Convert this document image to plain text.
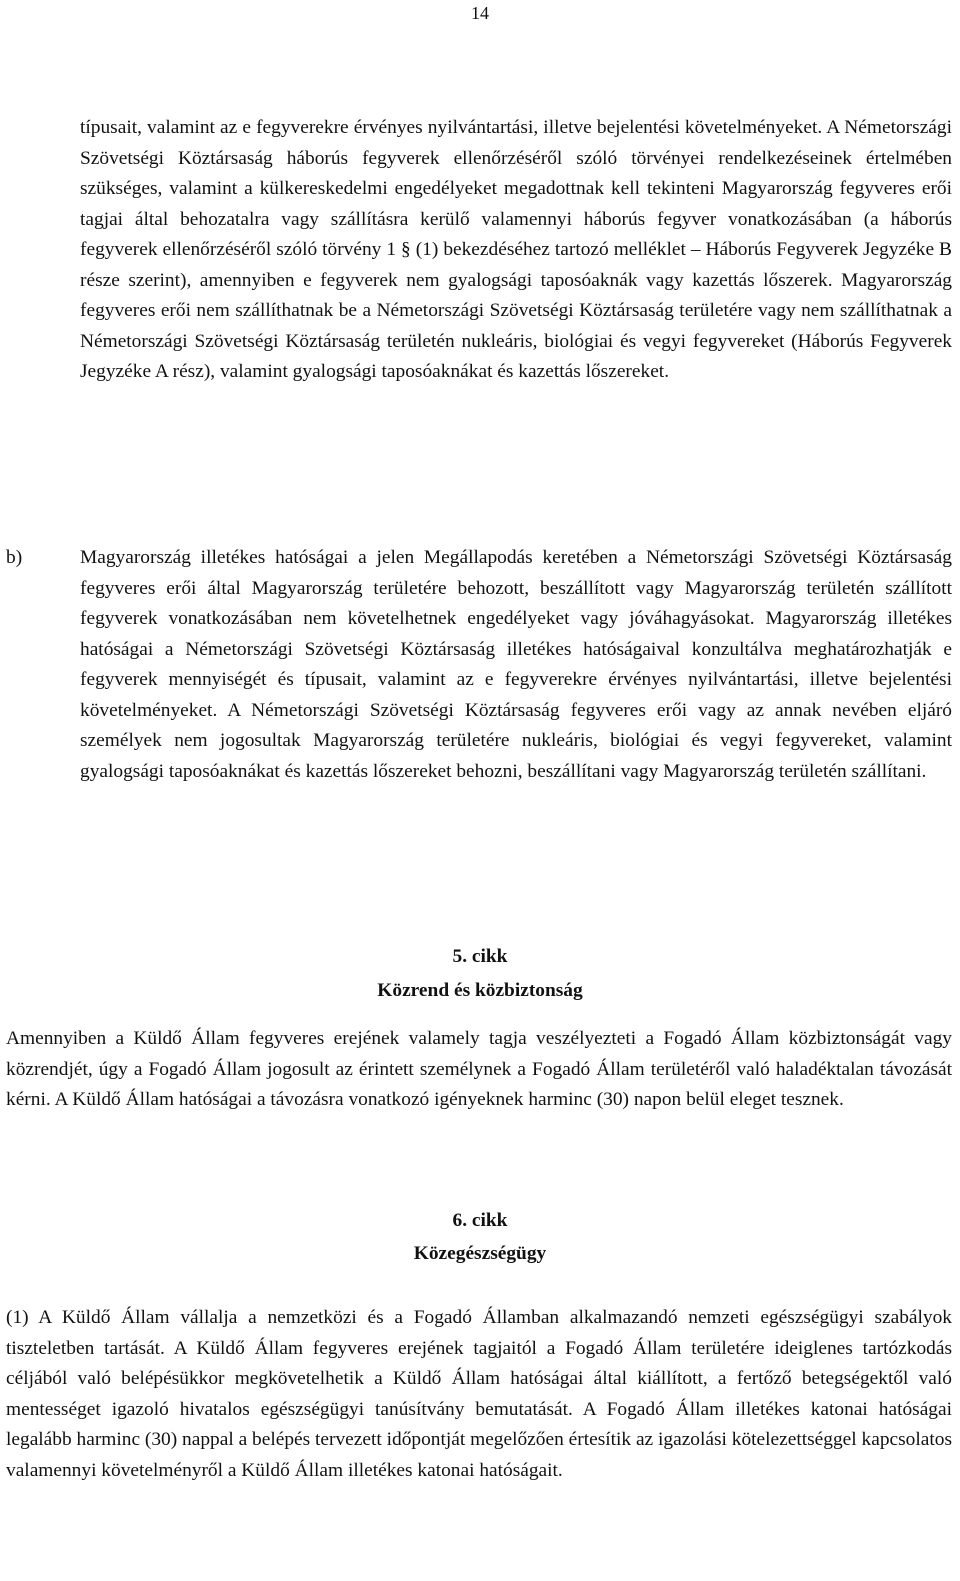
14

típusait, valamint az e fegyverekre érvényes nyilvántartási, illetve bejelentési követelményeket. A Németországi Szövetségi Köztársaság háborús fegyverek ellenőrzéséről szóló törvényei rendelkezéseinek értelmében szükséges, valamint a külkereskedelmi engedélyeket megadottnak kell tekinteni Magyarország fegyveres erői tagjai által behozatalra vagy szállításra kerülő valamennyi háborús fegyver vonatkozásában (a háborús fegyverek ellenőrzéséről szóló törvény 1 § (1) bekezdéséhez tartozó melléklet – Háborús Fegyverek Jegyzéke B része szerint), amennyiben e fegyverek nem gyalogsági taposóaknák vagy kazettás lőszerek. Magyarország fegyveres erői nem szállíthatnak be a Németországi Szövetségi Köztársaság területére vagy nem szállíthatnak a Németországi Szövetségi Köztársaság területén nukleáris, biológiai és vegyi fegyvereket (Háborús Fegyverek Jegyzéke A rész), valamint gyalogsági taposóaknákat és kazettás lőszereket.

b)	Magyarország illetékes hatóságai a jelen Megállapodás keretében a Németországi Szövetségi Köztársaság fegyveres erői által Magyarország területére behozott, beszállított vagy Magyarország területén szállított fegyverek vonatkozásában nem követelhetnek engedélyeket vagy jóváhagyásokat. Magyarország illetékes hatóságai a Németországi Szövetségi Köztársaság illetékes hatóságaival konzultálva meghatározhatják e fegyverek mennyiségét és típusait, valamint az e fegyverekre érvényes nyilvántartási, illetve bejelentési követelményeket. A Németországi Szövetségi Köztársaság fegyveres erői vagy az annak nevében eljáró személyek nem jogosultak Magyarország területére nukleáris, biológiai és vegyi fegyvereket, valamint gyalogsági taposóaknákat és kazettás lőszereket behozni, beszállítani vagy Magyarország területén szállítani.

5. cikk
Közrend és közbiztonság

Amennyiben a Küldő Állam fegyveres erejének valamely tagja veszélyezteti a Fogadó Állam közbiztonságát vagy közrendjét, úgy a Fogadó Állam jogosult az érintett személynek a Fogadó Állam területéről való haladéktalan távozását kérni. A Küldő Állam hatóságai a távozásra vonatkozó igényeknek harminc (30) napon belül eleget tesznek.

6. cikk
Közegészségügy

(1) A Küldő Állam vállalja a nemzetközi és a Fogadó Államban alkalmazandó nemzeti egészségügyi szabályok tiszteletben tartását. A Küldő Állam fegyveres erejének tagjaitól a Fogadó Állam területére ideiglenes tartózkodás céljából való belépésükkor megkövetelhetik a Küldő Állam hatóságai által kiállított, a fertőző betegségektől való mentességet igazoló hivatalos egészségügyi tanúsítvány bemutatását. A Fogadó Állam illetékes katonai hatóságai legalább harminc (30) nappal a belépés tervezett időpontját megelőzően értesítik az igazolási kötelezettséggel kapcsolatos valamennyi követelményről a Küldő Állam illetékes katonai hatóságait.
